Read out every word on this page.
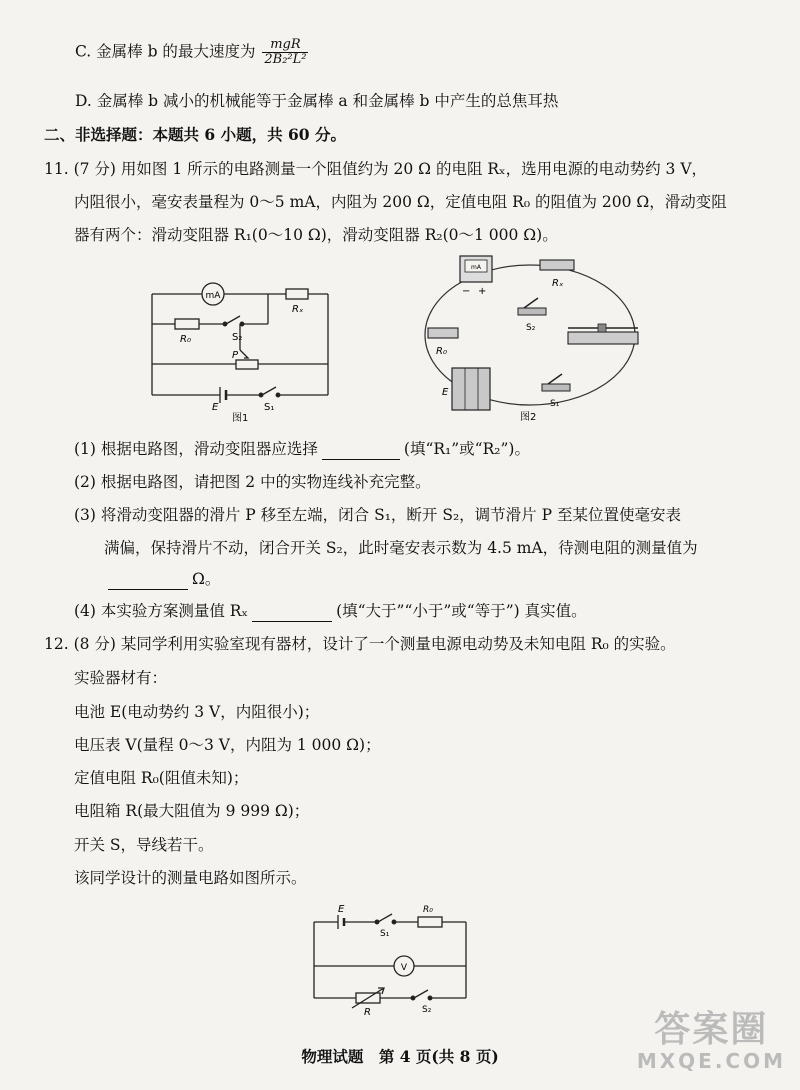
C. 金属棒 b 的最大速度为 $\frac{\text{mgR}}{\text{2B₂²L²}}$
D. 金属棒 b 减小的机械能等于金属棒 a 和金属棒 b 中产生的总焦耳热
二、非选择题：本题共 6 小题，共 60 分。
11. (7 分) 用如图 1 所示的电路测量一个阻值约为 20 Ω 的电阻 Rₓ，选用电源的电动势约 3 V，
内阻很小，毫安表量程为 0～5 mA，内阻为 200 Ω，定值电阻 R₀ 的阻值为 200 Ω，滑动变阻
器有两个：滑动变阻器 R₁(0～10 Ω)，滑动变阻器 R₂(0～1 000 Ω)。
mA
Rₓ
R₀	S₂
P
E	S₁
图1
mA
− +
Rₓ
S₂
R₀
E
S₁
图2
(1) 根据电路图，滑动变阻器应选择	(填“R₁”或“R₂”)。
(2) 根据电路图，请把图 2 中的实物连线补充完整。
(3) 将滑动变阻器的滑片 P 移至左端，闭合 S₁，断开 S₂，调节滑片 P 至某位置使毫安表
满偏，保持滑片不动，闭合开关 S₂，此时毫安表示数为 4.5 mA，待测电阻的测量值为
Ω。
(4) 本实验方案测量值 Rₓ	(填“大于”“小于”或“等于”) 真实值。
12. (8 分) 某同学利用实验室现有器材，设计了一个测量电源电动势及未知电阻 R₀ 的实验。
实验器材有：
电池 E(电动势约 3 V，内阻很小)；
电压表 V(量程 0～3 V，内阻为 1 000 Ω)；
定值电阻 R₀(阻值未知)；
电阻箱 R(最大阻值为 9 999 Ω)；
开关 S，导线若干。
该同学设计的测量电路如图所示。
E
S₁
R₀
V
R	S₂
物理试题　第 4 页(共 8 页)
答案圈
MXQE.COM
